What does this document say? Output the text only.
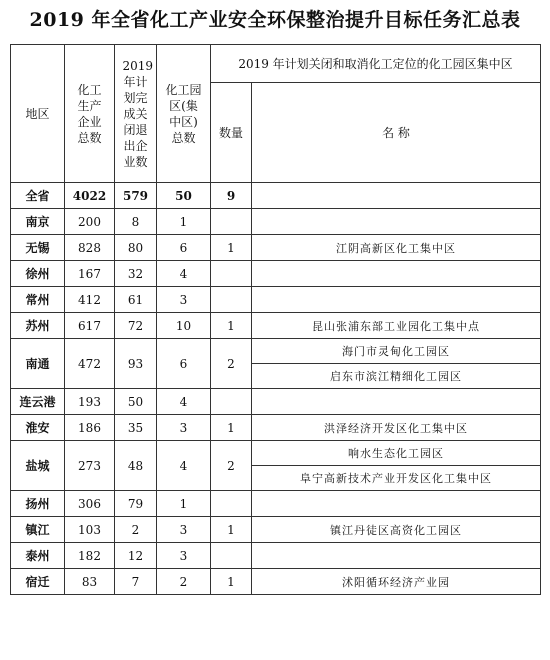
2019 年全省化工产业安全环保整治提升目标任务汇总表
地区	化工生产企业总数	2019年计划完成关闭退出企业数	化工园区(集中区)总数	2019 年计划关闭和取消化工定位的化工园区集中区	
				数量	名 称
全省	4022	579	50	9	
南京	200	8	1		
无锡	828	80	6	1	江阴高新区化工集中区
徐州	167	32	4		
常州	412	61	3		
苏州	617	72	10	1	昆山张浦东部工业园化工集中点
南通	472	93	6	2	海门市灵甸化工园区
					启东市滨江精细化工园区
连云港	193	50	4		
淮安	186	35	3	1	洪泽经济开发区化工集中区
盐城	273	48	4	2	响水生态化工园区
					阜宁高新技术产业开发区化工集中区
扬州	306	79	1		
镇江	103	2	3	1	镇江丹徒区高资化工园区
泰州	182	12	3		
宿迁	83	7	2	1	沭阳循环经济产业园
